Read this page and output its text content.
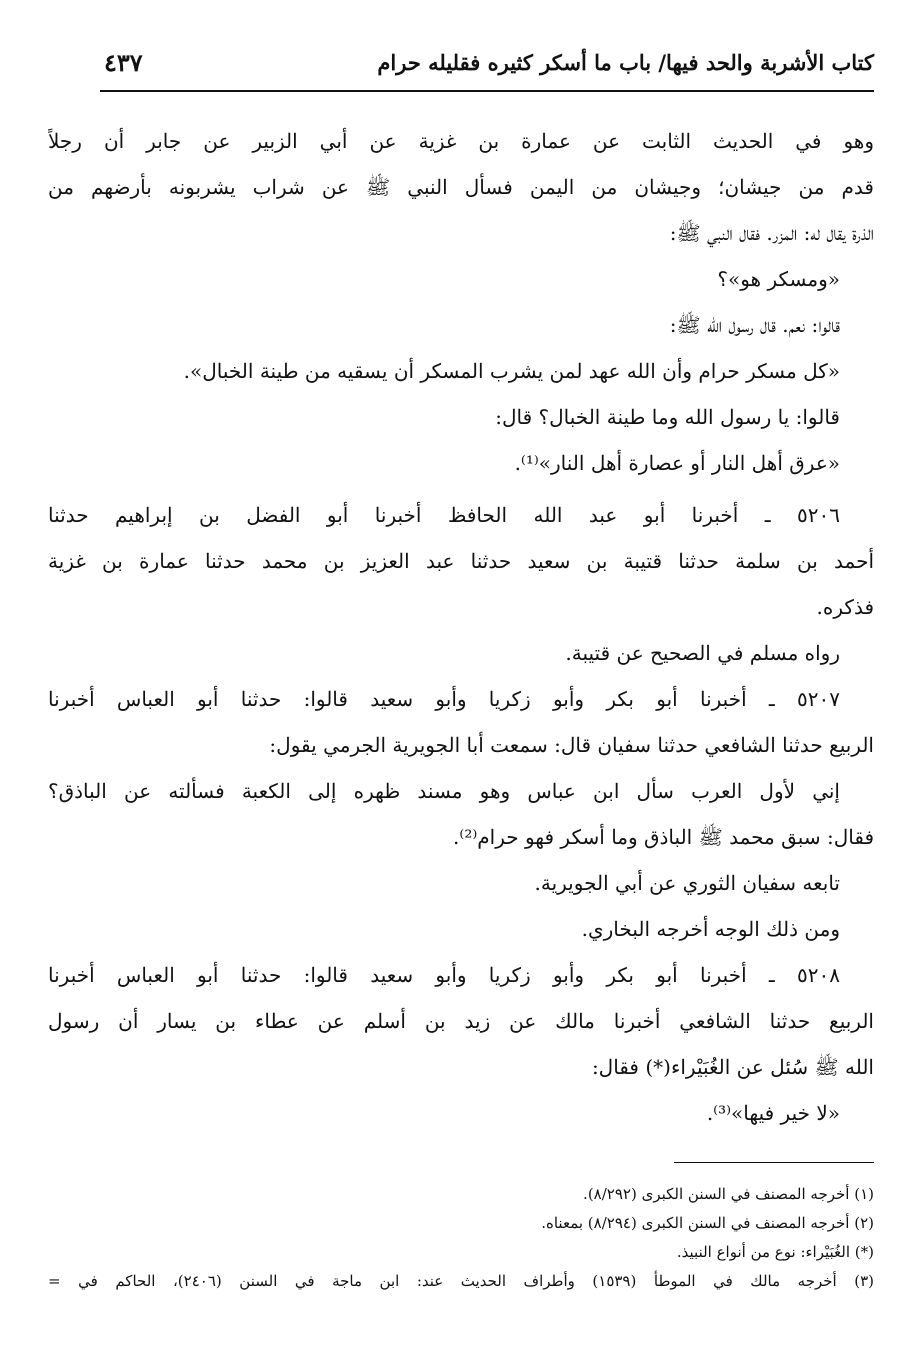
كتاب الأشربة والحد فيها/ باب ما أسكر كثيره فقليله حرام
٤٣٧
وهو في الحديث الثابت عن عمارة بن غزية عن أبي الزبير عن جابر أن رجلاً
قدم من جيشان؛ وجيشان من اليمن فسأل النبي ﷺ عن شراب يشربونه بأرضهم من
الذرة يقال له: المزر. فقال النبي ﷺ:
«ومسكر هو»؟
قالوا: نعم. قال رسول الله ﷺ:
«كل مسكر حرام وأن الله عهد لمن يشرب المسكر أن يسقيه من طينة الخبال».
قالوا: يا رسول الله وما طينة الخبال؟ قال:
«عرق أهل النار أو عصارة أهل النار»⁽¹⁾.
٥٢٠٦ ـ أخبرنا أبو عبد الله الحافظ أخبرنا أبو الفضل بن إبراهيم حدثنا
أحمد بن سلمة حدثنا قتيبة بن سعيد حدثنا عبد العزيز بن محمد حدثنا عمارة بن غزية
فذكره.
رواه مسلم في الصحيح عن قتيبة.
٥٢٠٧ ـ أخبرنا أبو بكر وأبو زكريا وأبو سعيد قالوا: حدثنا أبو العباس أخبرنا
الربيع حدثنا الشافعي حدثنا سفيان قال: سمعت أبا الجويرية الجرمي يقول:
إني لأول العرب سأل ابن عباس وهو مسند ظهره إلى الكعبة فسألته عن الباذق؟
فقال: سبق محمد ﷺ الباذق وما أسكر فهو حرام⁽²⁾.
تابعه سفيان الثوري عن أبي الجويرية.
ومن ذلك الوجه أخرجه البخاري.
٥٢٠٨ ـ أخبرنا أبو بكر وأبو زكريا وأبو سعيد قالوا: حدثنا أبو العباس أخبرنا
الربيع حدثنا الشافعي أخبرنا مالك عن زيد بن أسلم عن عطاء بن يسار أن رسول
الله ﷺ سُئل عن الغُبَيْراء(*) فقال:
«لا خير فيها»⁽³⁾.
(١) أخرجه المصنف في السنن الكبرى (٨/٢٩٢).
(٢) أخرجه المصنف في السنن الكبرى (٨/٢٩٤) بمعناه.
(*) الغُبَيْراء: نوع من أنواع النبيذ.
(٣) أخرجه مالك في الموطأ (١٥٣٩) وأطراف الحديث عند: ابن ماجة في السنن (٢٤٠٦)، الحاكم في =
